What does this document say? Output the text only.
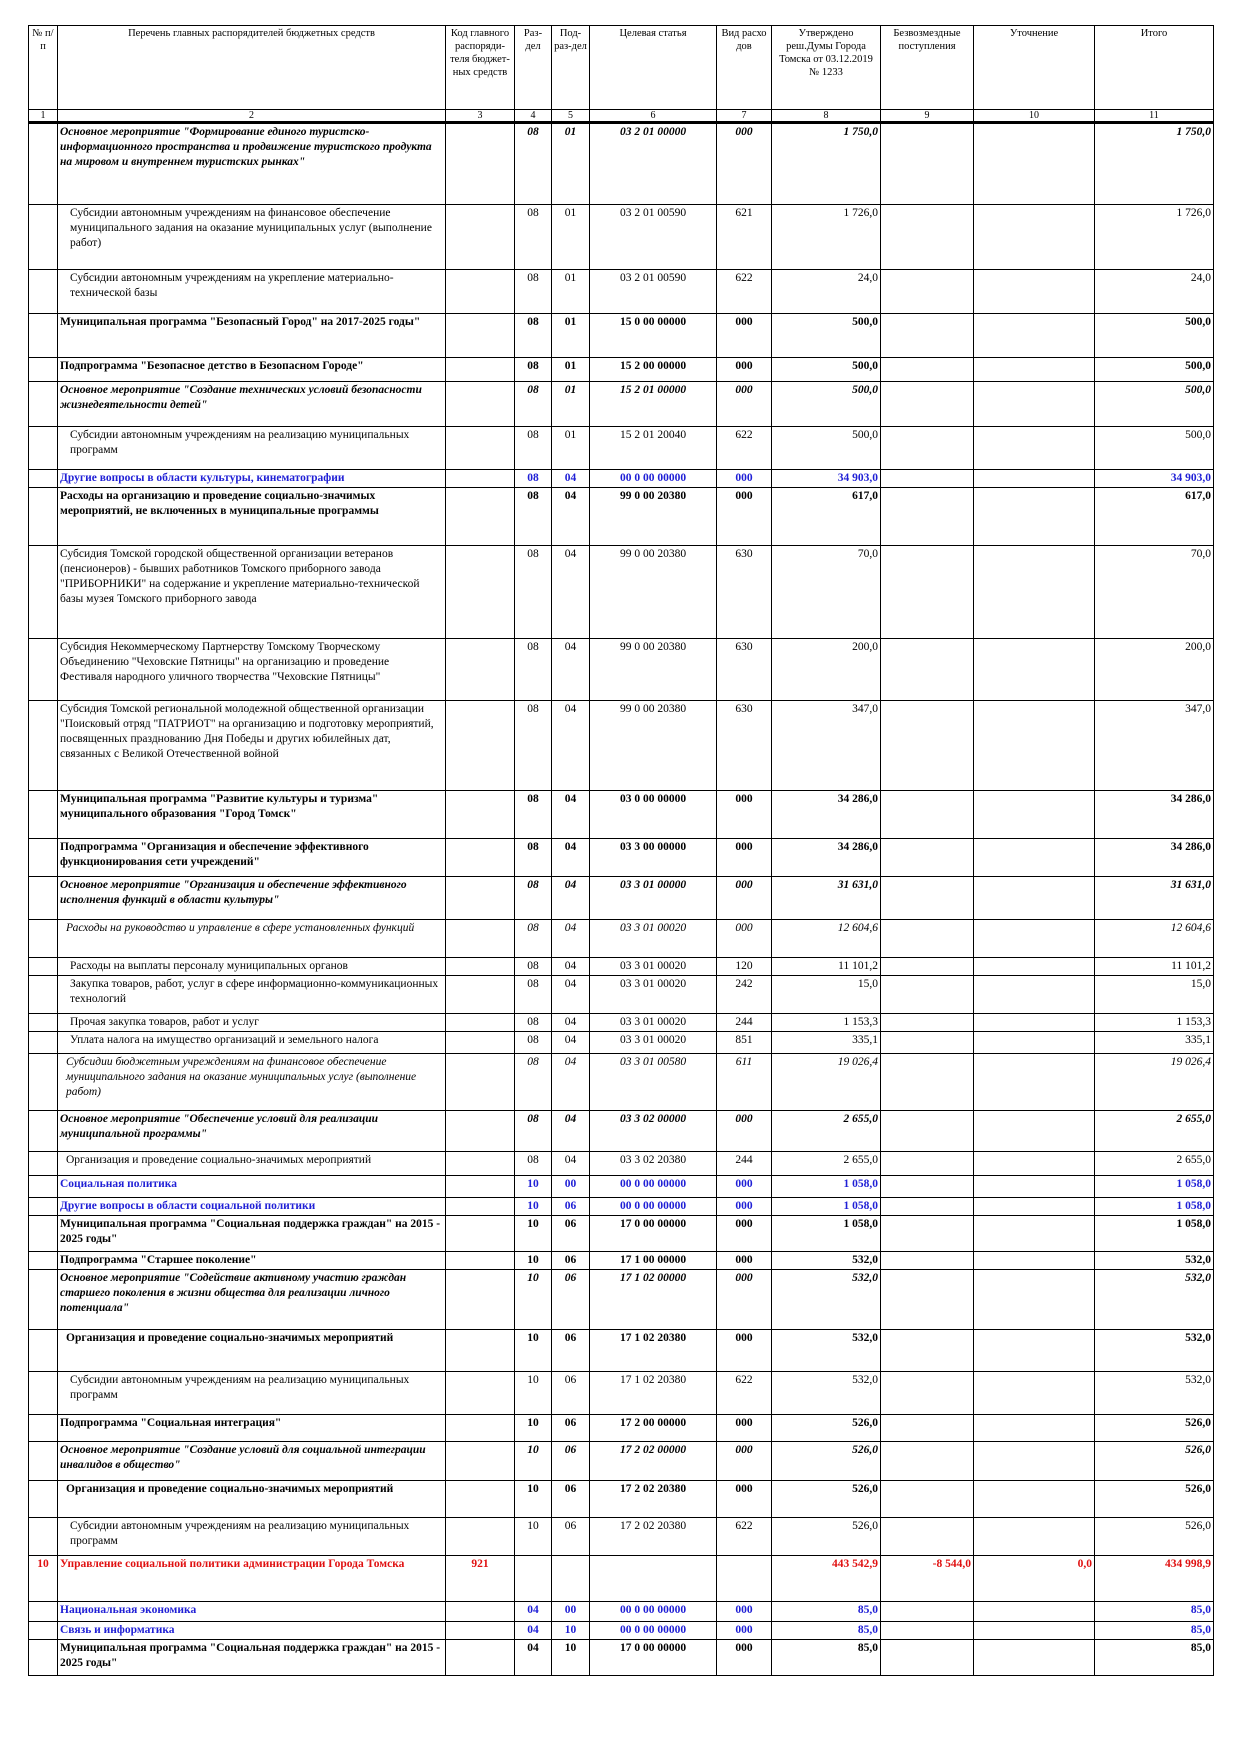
№ п/п	Перечень главных распорядителей бюджетных средств	Код главного распоряди-теля бюджет-ных средств	Раз-дел	Под-раз-дел	Целевая статья	Вид расхо дов	Утверждено реш.Думы Города Томска от 03.12.2019 № 1233	Безвозмездные поступления	Уточнение	Итого
1	2	3	4	5	6	7	8	9	10	11
	Основное мероприятие "Формирование единого туристско-информационного пространства и продвижение туристского продукта на мировом и внутреннем туристских рынках"		08	01	03 2 01 00000	000	1 750,0			1 750,0
	Субсидии автономным учреждениям на финансовое обеспечение муниципального задания на оказание муниципальных услуг (выполнение работ)		08	01	03 2 01 00590	621	1 726,0			1 726,0
	Субсидии автономным учреждениям на укрепление материально-технической базы		08	01	03 2 01 00590	622	24,0			24,0
	Муниципальная программа "Безопасный Город" на 2017-2025 годы"		08	01	15 0 00 00000	000	500,0			500,0
	Подпрограмма "Безопасное детство в Безопасном Городе"		08	01	15 2 00 00000	000	500,0			500,0
	Основное мероприятие "Создание технических условий безопасности жизнедеятельности детей"		08	01	15 2 01 00000	000	500,0			500,0
	Субсидии автономным учреждениям на реализацию муниципальных программ		08	01	15 2 01 20040	622	500,0			500,0
	Другие вопросы в области культуры, кинематографии		08	04	00 0 00 00000	000	34 903,0			34 903,0
	Расходы на организацию и проведение социально-значимых мероприятий, не включенных в муниципальные программы		08	04	99 0 00 20380	000	617,0			617,0
	Субсидия Томской городской общественной организации ветеранов (пенсионеров) - бывших работников Томского приборного завода "ПРИБОРНИКИ" на содержание и укрепление материально-технической базы музея Томского приборного завода		08	04	99 0 00 20380	630	70,0			70,0
	Субсидия Некоммерческому Партнерству Томскому Творческому Объединению "Чеховские Пятницы" на организацию и проведение Фестиваля народного уличного творчества "Чеховские Пятницы"		08	04	99 0 00 20380	630	200,0			200,0
	Субсидия Томской региональной молодежной общественной организации "Поисковый отряд "ПАТРИОТ" на организацию и подготовку мероприятий, посвященных празднованию Дня Победы и других юбилейных дат, связанных с Великой Отечественной войной		08	04	99 0 00 20380	630	347,0			347,0
	Муниципальная программа "Развитие культуры и туризма" муниципального образования "Город Томск"		08	04	03 0 00 00000	000	34 286,0			34 286,0
	Подпрограмма "Организация и обеспечение эффективного функционирования сети учреждений"		08	04	03 3 00 00000	000	34 286,0			34 286,0
	Основное мероприятие "Организация и обеспечение эффективного исполнения функций в области культуры"		08	04	03 3 01 00000	000	31 631,0			31 631,0
	Расходы на руководство и управление в сфере установленных функций		08	04	03 3 01 00020	000	12 604,6			12 604,6
	Расходы на выплаты персоналу муниципальных органов		08	04	03 3 01 00020	120	11 101,2			11 101,2
	Закупка товаров, работ, услуг в сфере информационно-коммуникационных технологий		08	04	03 3 01 00020	242	15,0			15,0
	Прочая закупка товаров, работ и услуг		08	04	03 3 01 00020	244	1 153,3			1 153,3
	Уплата налога на имущество организаций и земельного налога		08	04	03 3 01 00020	851	335,1			335,1
	Субсидии бюджетным учреждениям на финансовое обеспечение муниципального задания на оказание муниципальных услуг (выполнение работ)		08	04	03 3 01 00580	611	19 026,4			19 026,4
	Основное мероприятие "Обеспечение условий для реализации муниципальной программы"		08	04	03 3 02 00000	000	2 655,0			2 655,0
	Организация и проведение социально-значимых мероприятий		08	04	03 3 02 20380	244	2 655,0			2 655,0
	Социальная политика		10	00	00 0 00 00000	000	1 058,0			1 058,0
	Другие вопросы в области социальной политики		10	06	00 0 00 00000	000	1 058,0			1 058,0
	Муниципальная программа "Социальная поддержка граждан" на 2015 - 2025 годы"		10	06	17 0 00 00000	000	1 058,0			1 058,0
	Подпрограмма "Старшее поколение"		10	06	17 1 00 00000	000	532,0			532,0
	Основное мероприятие "Содействие активному участию граждан старшего поколения в жизни общества для реализации личного потенциала"		10	06	17 1 02 00000	000	532,0			532,0
	Организация и проведение социально-значимых мероприятий		10	06	17 1 02 20380	000	532,0			532,0
	Субсидии автономным учреждениям на реализацию муниципальных программ		10	06	17 1 02 20380	622	532,0			532,0
	Подпрограмма "Социальная интеграция"		10	06	17 2 00 00000	000	526,0			526,0
	Основное мероприятие "Создание условий для социальной интеграции инвалидов в общество"		10	06	17 2 02 00000	000	526,0			526,0
	Организация и проведение социально-значимых мероприятий		10	06	17 2 02 20380	000	526,0			526,0
	Субсидии автономным учреждениям на реализацию муниципальных программ		10	06	17 2 02 20380	622	526,0			526,0
10	Управление социальной политики администрации Города Томска	921					443 542,9	-8 544,0	0,0	434 998,9
	Национальная экономика		04	00	00 0 00 00000	000	85,0			85,0
	Связь и информатика		04	10	00 0 00 00000	000	85,0			85,0
	Муниципальная программа "Социальная поддержка граждан" на 2015 - 2025 годы"		04	10	17 0 00 00000	000	85,0			85,0
